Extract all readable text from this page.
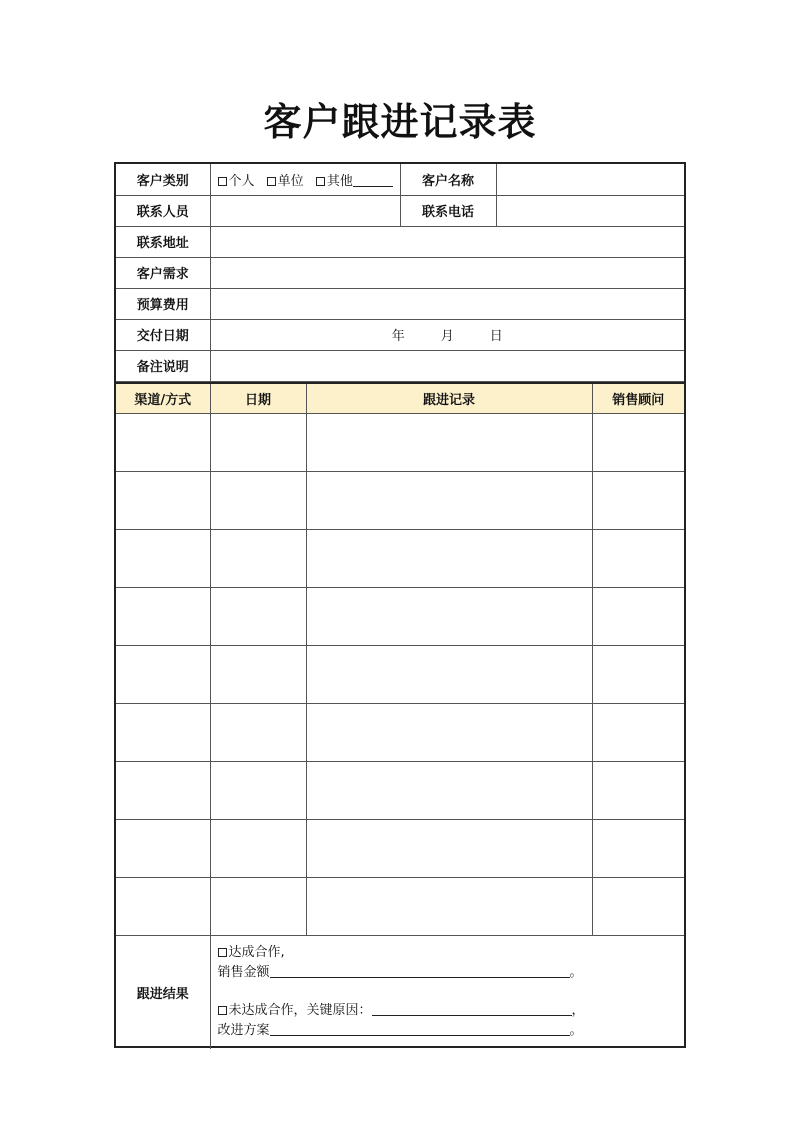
客户跟进记录表
客户类别	个人 单位 其他	客户名称	
联系人员		联系电话	
联系地址			
客户需求			
预算费用			
交付日期	年 月 日		
备注说明			
渠道/方式	日期	跟进记录	销售顾问

跟进结果	达成合作,
销售金额 。
未达成合作，关键原因： ，
改进方案 。		
